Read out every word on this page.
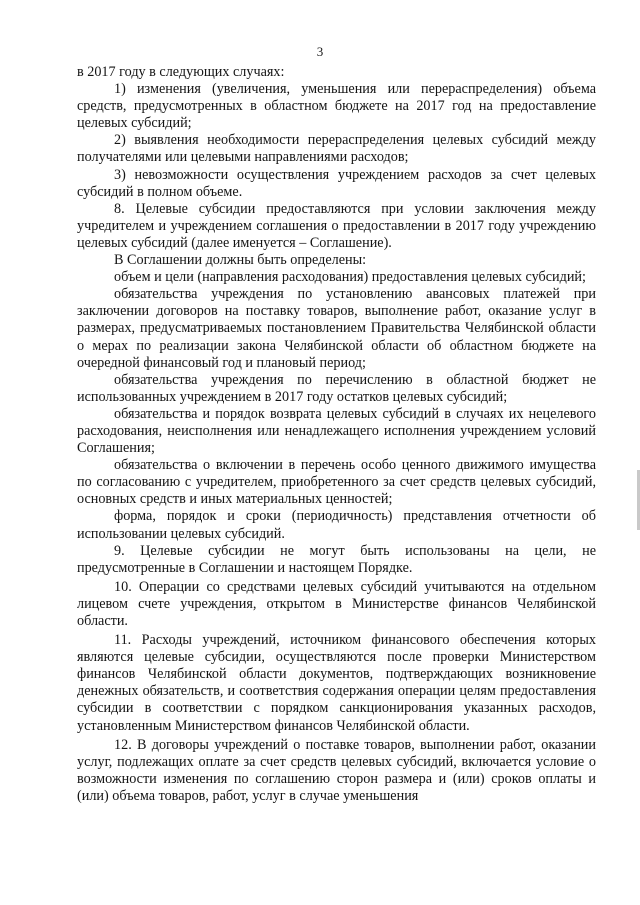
3

в 2017 году в следующих случаях:

1) изменения (увеличения, уменьшения или перераспределения) объема средств, предусмотренных в областном бюджете на 2017 год на предоставление целевых субсидий;

2) выявления необходимости перераспределения целевых субсидий между получателями или целевыми направлениями расходов;

3) невозможности осуществления учреждением расходов за счет целевых субсидий в полном объеме.

8. Целевые субсидии предоставляются при условии заключения между учредителем и учреждением соглашения о предоставлении в 2017 году учреждению целевых субсидий (далее именуется – Соглашение).

В Соглашении должны быть определены:

объем и цели (направления расходования) предоставления целевых субсидий;

обязательства учреждения по установлению авансовых платежей при заключении договоров на поставку товаров, выполнение работ, оказание услуг в размерах, предусматриваемых постановлением Правительства Челябинской области о мерах по реализации закона Челябинской области об областном бюджете на очередной финансовый год и плановый период;

обязательства учреждения по перечислению в областной бюджет не использованных учреждением в 2017 году остатков целевых субсидий;

обязательства и порядок возврата целевых субсидий в случаях их нецелевого расходования, неисполнения или ненадлежащего исполнения учреждением условий Соглашения;

обязательства о включении в перечень особо ценного движимого имущества по согласованию с учредителем, приобретенного за счет средств целевых субсидий, основных средств и иных материальных ценностей;

форма, порядок и сроки (периодичность) представления отчетности об использовании целевых субсидий.

9. Целевые субсидии не могут быть использованы на цели, не предусмотренные в Соглашении и настоящем Порядке.

10. Операции со средствами целевых субсидий учитываются на отдельном лицевом счете учреждения, открытом в Министерстве финансов Челябинской области.

11. Расходы учреждений, источником финансового обеспечения которых являются целевые субсидии, осуществляются после проверки Министерством финансов Челябинской области документов, подтверждающих возникновение денежных обязательств, и соответствия содержания операции целям предоставления субсидии в соответствии с порядком санкционирования указанных расходов, установленным Министерством финансов Челябинской области.

12. В договоры учреждений о поставке товаров, выполнении работ, оказании услуг, подлежащих оплате за счет средств целевых субсидий, включается условие о возможности изменения по соглашению сторон размера и (или) сроков оплаты и (или) объема товаров, работ, услуг в случае уменьшения
